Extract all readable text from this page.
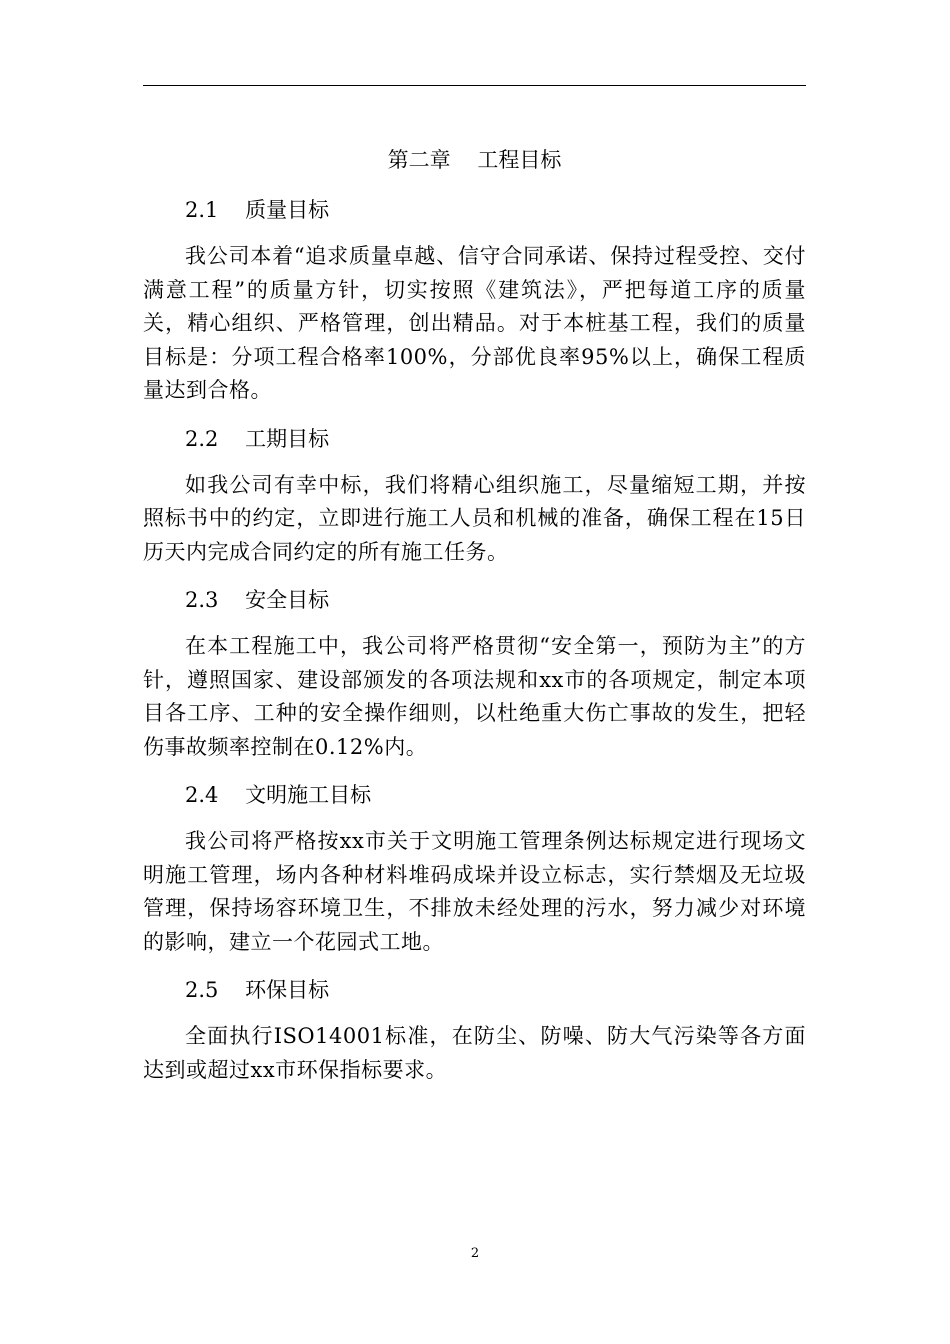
第二章    工程目标
2.1    质量目标

我公司本着“追求质量卓越、信守合同承诺、保持过程受控、交付满意工程”的质量方针，切实按照《建筑法》，严把每道工序的质量关，精心组织、严格管理，创出精品。对于本桩基工程，我们的质量目标是：分项工程合格率100%，分部优良率95%以上，确保工程质量达到合格。

2.2    工期目标

如我公司有幸中标，我们将精心组织施工，尽量缩短工期，并按照标书中的约定，立即进行施工人员和机械的准备，确保工程在15日历天内完成合同约定的所有施工任务。

2.3    安全目标

在本工程施工中，我公司将严格贯彻“安全第一，预防为主”的方针，遵照国家、建设部颁发的各项法规和xx市的各项规定，制定本项目各工序、工种的安全操作细则，以杜绝重大伤亡事故的发生，把轻伤事故频率控制在0.12%内。

2.4    文明施工目标

我公司将严格按xx市关于文明施工管理条例达标规定进行现场文明施工管理，场内各种材料堆码成垛并设立标志，实行禁烟及无垃圾管理，保持场容环境卫生，不排放未经处理的污水，努力减少对环境的影响，建立一个花园式工地。

2.5    环保目标

全面执行ISO14001标准，在防尘、防噪、防大气污染等各方面达到或超过xx市环保指标要求。

2
